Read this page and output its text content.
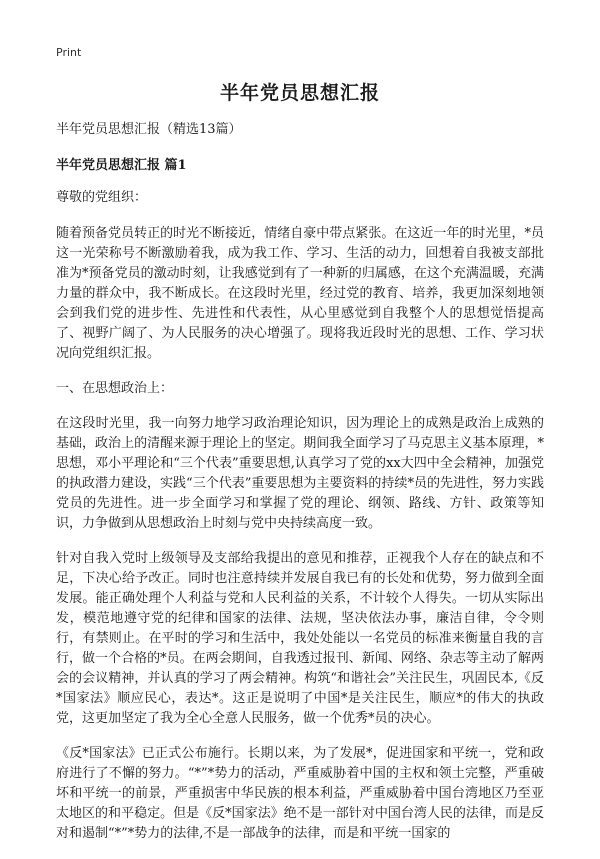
Print
半年党员思想汇报

半年党员思想汇报（精选13篇）

半年党员思想汇报 篇1

尊敬的党组织：

随着预备党员转正的时光不断接近，情绪自豪中带点紧张。在这近一年的时光里，*员这一光荣称号不断激励着我，成为我工作、学习、生活的动力，回想着自我被支部批准为*预备党员的激动时刻，让我感觉到有了一种新的归属感，在这个充满温暖，充满力量的群众中，我不断成长。在这段时光里，经过党的教育、培养，我更加深刻地领会到我们党的进步性、先进性和代表性，从心里感觉到自我整个人的思想觉悟提高了、视野广阔了、为人民服务的决心增强了。现将我近段时光的思想、工作、学习状况向党组织汇报。

一、在思想政治上：

在这段时光里，我一向努力地学习政治理论知识，因为理论上的成熟是政治上成熟的基础，政治上的清醒来源于理论上的坚定。期间我全面学习了马克思主义基本原理，*思想，邓小平理论和“三个代表”重要思想,认真学习了党的xx大四中全会精神，加强党的执政潜力建设，实践“三个代表”重要思想为主要资料的持续*员的先进性，努力实践党员的先进性。进一步全面学习和掌握了党的理论、纲领、路线、方针、政策等知识，力争做到从思想政治上时刻与党中央持续高度一致。

针对自我入党时上级领导及支部给我提出的意见和推荐，正视我个人存在的缺点和不足，下决心给予改正。同时也注意持续并发展自我已有的长处和优势，努力做到全面发展。能正确处理个人利益与党和人民利益的关系，不计较个人得失。一切从实际出发，模范地遵守党的纪律和国家的法律、法规，坚决依法办事，廉洁自律，令令则行，有禁则止。在平时的学习和生活中，我处处能以一名党员的标准来衡量自我的言行，做一个合格的*员。在两会期间，自我透过报刊、新闻、网络、杂志等主动了解两会的会议精神，并认真的学习了两会精神。构筑“和谐社会”关注民生，巩固民本,《反*国家法》顺应民心，表达*。这正是说明了中国*是关注民生，顺应*的伟大的执政党，这更加坚定了我为全心全意人民服务，做一个优秀*员的决心。

《反*国家法》已正式公布施行。长期以来，为了发展*，促进国家和平统一，党和政府进行了不懈的努力。“*”*势力的活动，严重威胁着中国的主权和领土完整，严重破坏和平统一的前景，严重损害中华民族的根本利益，严重威胁着中国台湾地区乃至亚太地区的和平稳定。但是《反*国家法》绝不是一部针对中国台湾人民的法律，而是反对和遏制“*”*势力的法律,不是一部战争的法律，而是和平统一国家的
